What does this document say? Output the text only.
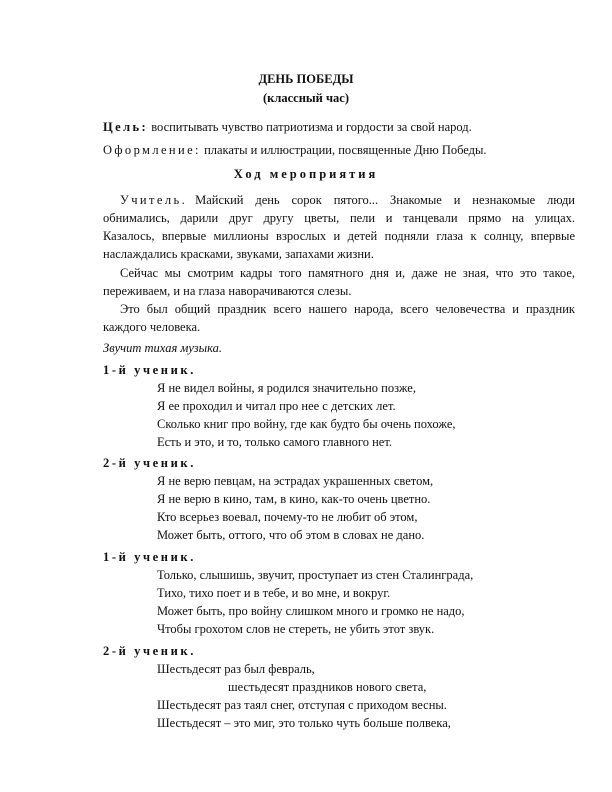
ДЕНЬ ПОБЕДЫ
(классный час)
Цель: воспитывать чувство патриотизма и гордости за свой народ.
Оформление: плакаты и иллюстрации, посвященные Дню Победы.
Ход мероприятия
Учитель. Майский день сорок пятого... Знакомые и незнакомые люди
обнимались, дарили друг другу цветы, пели и танцевали прямо на улицах.
Казалось, впервые миллионы взрослых и детей подняли глаза к солнцу, впервые
наслаждались красками, звуками, запахами жизни.
Сейчас мы смотрим кадры того памятного дня и, даже не зная, что это такое,
переживаем, и на глаза наворачиваются слезы.
Это был общий праздник всего нашего народа, всего человечества и праздник
каждого человека.
Звучит тихая музыка.
1-й ученик.
Я не видел войны, я родился значительно позже,
Я ее проходил и читал про нее с детских лет.
Сколько книг про войну, где как будто бы очень похоже,
Есть и это, и то, только самого главного нет.
2-й ученик.
Я не верю певцам, на эстрадах украшенных светом,
Я не верю в кино, там, в кино, как-то очень цветно.
Кто всерьез воевал, почему-то не любит об этом,
Может быть, оттого, что об этом в словах не дано.
1-й ученик.
Только, слышишь, звучит, проступает из стен Сталинграда,
Тихо, тихо поет и в тебе, и во мне, и вокруг.
Может быть, про войну слишком много и громко не надо,
Чтобы грохотом слов не стереть, не убить этот звук.
2-й ученик.
Шестьдесят раз был февраль,
шестьдесят праздников нового света,
Шестьдесят раз таял снег, отступая с приходом весны.
Шестьдесят – это миг, это только чуть больше полвека,
